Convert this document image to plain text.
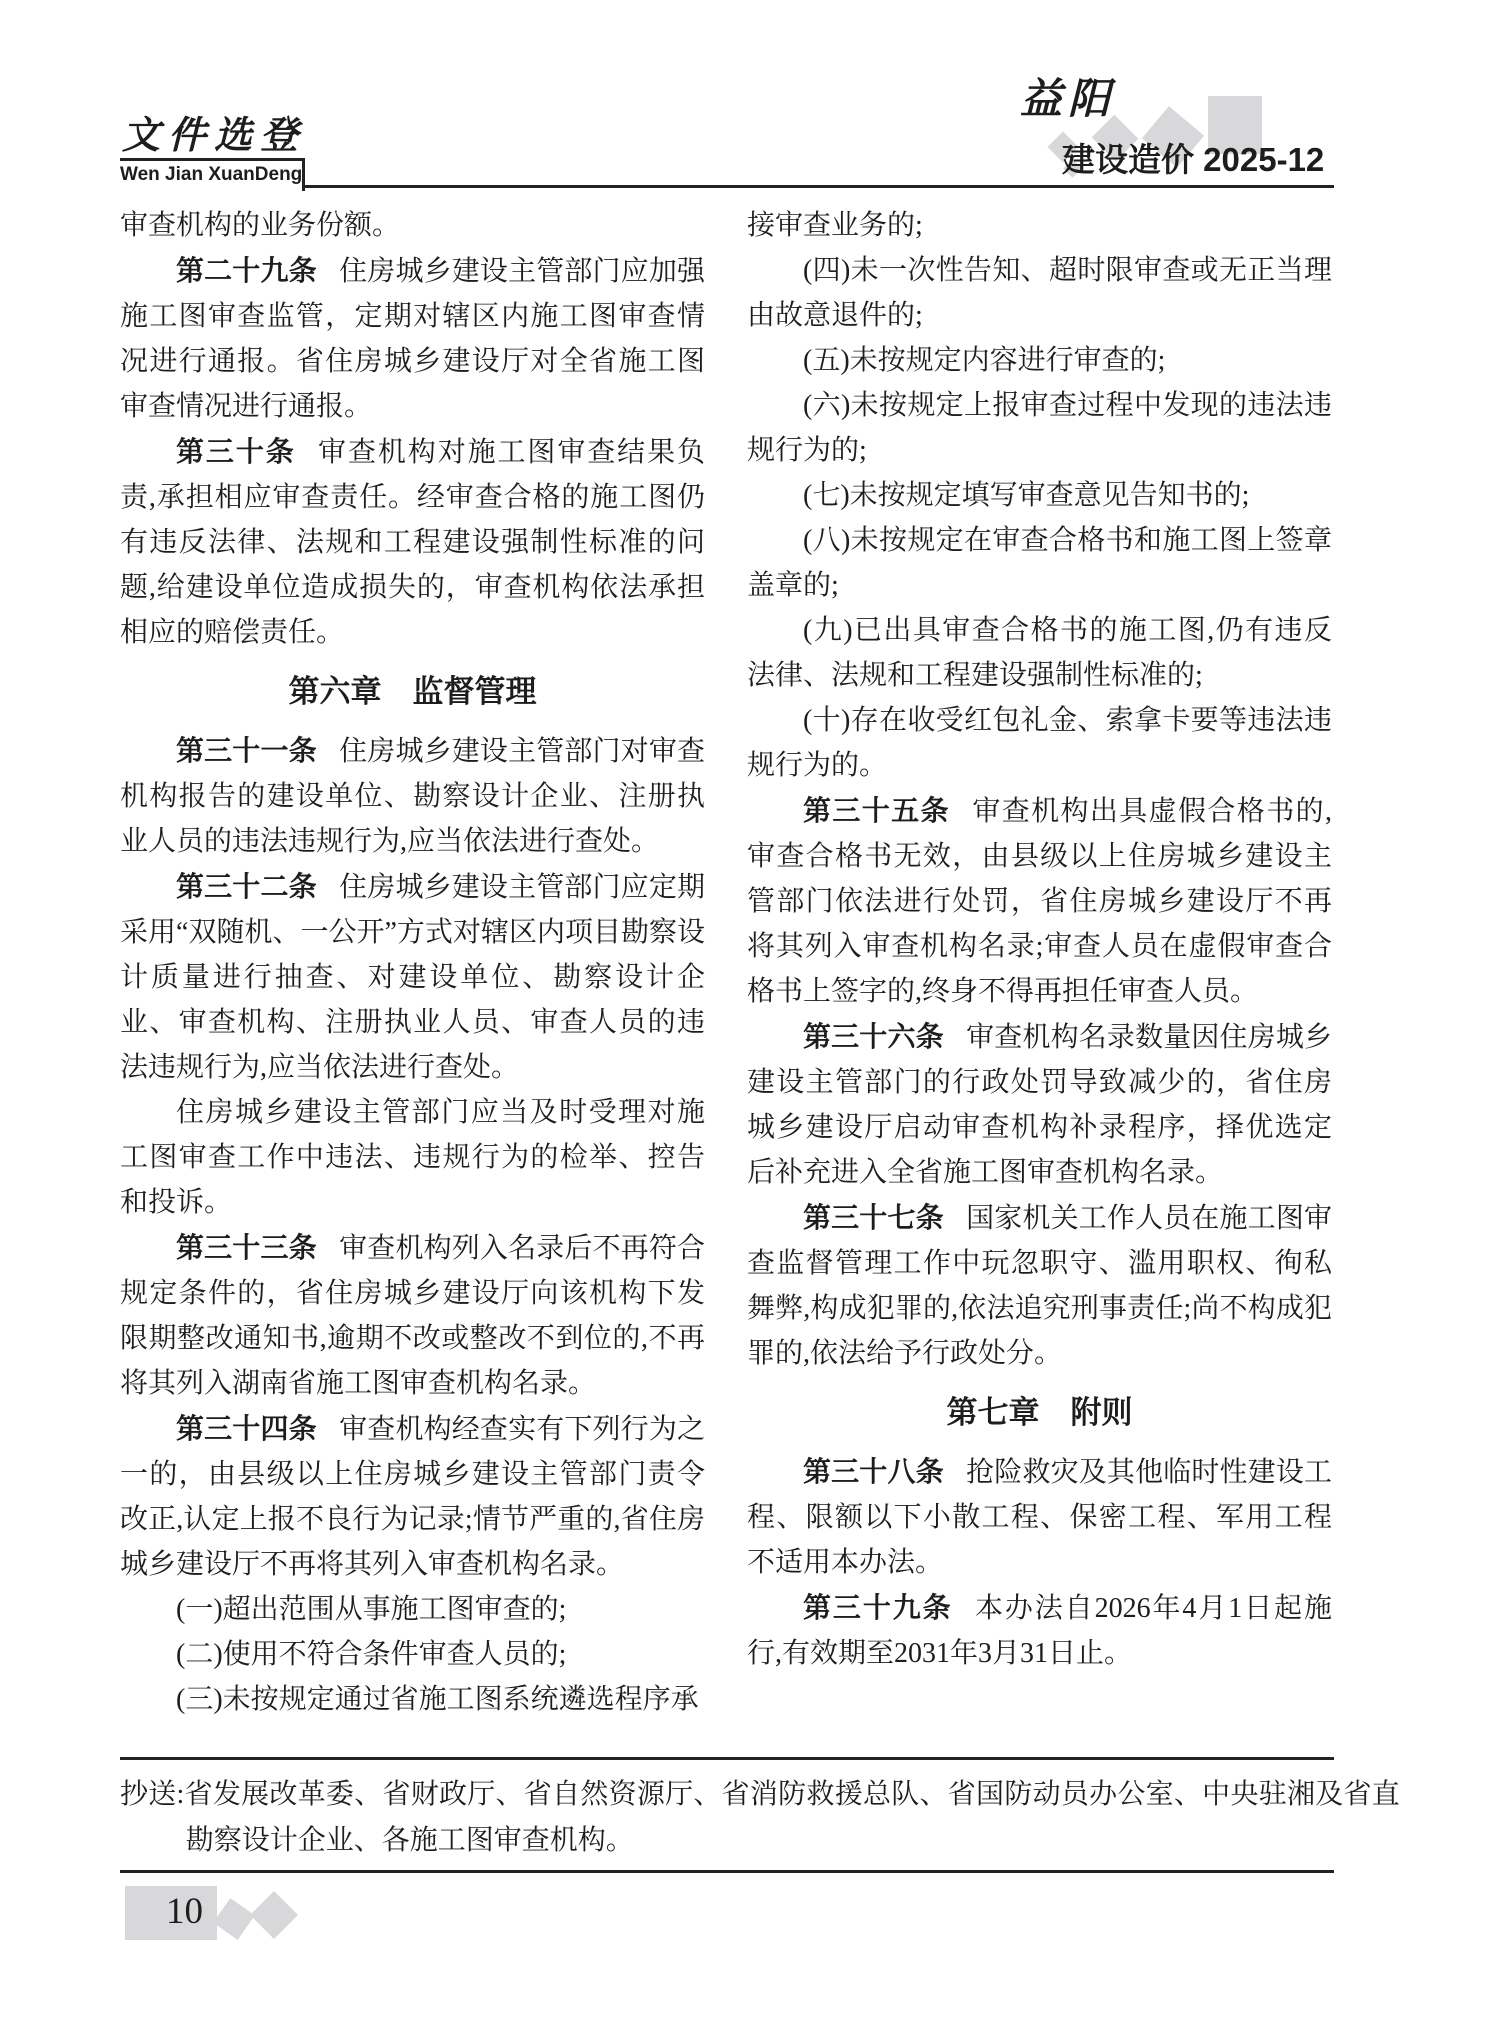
文件选登
Wen Jian XuanDeng
益阳
建设造价 2025-12

审查机构的业务份额。

第二十九条 住房城乡建设主管部门应加强施工图审查监管，定期对辖区内施工图审查情况进行通报。省住房城乡建设厅对全省施工图审查情况进行通报。

第三十条 审查机构对施工图审查结果负责,承担相应审查责任。经审查合格的施工图仍有违反法律、法规和工程建设强制性标准的问题,给建设单位造成损失的，审查机构依法承担相应的赔偿责任。

第六章　监督管理

第三十一条 住房城乡建设主管部门对审查机构报告的建设单位、勘察设计企业、注册执业人员的违法违规行为,应当依法进行查处。

第三十二条 住房城乡建设主管部门应定期采用“双随机、一公开”方式对辖区内项目勘察设计质量进行抽查、对建设单位、勘察设计企业、审查机构、注册执业人员、审查人员的违法违规行为,应当依法进行查处。

住房城乡建设主管部门应当及时受理对施工图审查工作中违法、违规行为的检举、控告和投诉。

第三十三条 审查机构列入名录后不再符合规定条件的，省住房城乡建设厅向该机构下发限期整改通知书,逾期不改或整改不到位的,不再将其列入湖南省施工图审查机构名录。

第三十四条 审查机构经查实有下列行为之一的，由县级以上住房城乡建设主管部门责令改正,认定上报不良行为记录;情节严重的,省住房城乡建设厅不再将其列入审查机构名录。

(一)超出范围从事施工图审查的;

(二)使用不符合条件审查人员的;

(三)未按规定通过省施工图系统遴选程序承

接审查业务的;

(四)未一次性告知、超时限审查或无正当理由故意退件的;

(五)未按规定内容进行审查的;

(六)未按规定上报审查过程中发现的违法违规行为的;

(七)未按规定填写审查意见告知书的;

(八)未按规定在审查合格书和施工图上签章盖章的;

(九)已出具审查合格书的施工图,仍有违反法律、法规和工程建设强制性标准的;

(十)存在收受红包礼金、索拿卡要等违法违规行为的。

第三十五条 审查机构出具虚假合格书的,审查合格书无效，由县级以上住房城乡建设主管部门依法进行处罚，省住房城乡建设厅不再将其列入审查机构名录;审查人员在虚假审查合格书上签字的,终身不得再担任审查人员。

第三十六条 审查机构名录数量因住房城乡建设主管部门的行政处罚导致减少的，省住房城乡建设厅启动审查机构补录程序，择优选定后补充进入全省施工图审查机构名录。

第三十七条 国家机关工作人员在施工图审查监督管理工作中玩忽职守、滥用职权、徇私舞弊,构成犯罪的,依法追究刑事责任;尚不构成犯罪的,依法给予行政处分。

第七章　附则

第三十八条 抢险救灾及其他临时性建设工程、限额以下小散工程、保密工程、军用工程不适用本办法。

第三十九条 本办法自2026年4月1日起施行,有效期至2031年3月31日止。

抄送:省发展改革委、省财政厅、省自然资源厅、省消防救援总队、省国防动员办公室、中央驻湘及省直勘察设计企业、各施工图审查机构。
10
